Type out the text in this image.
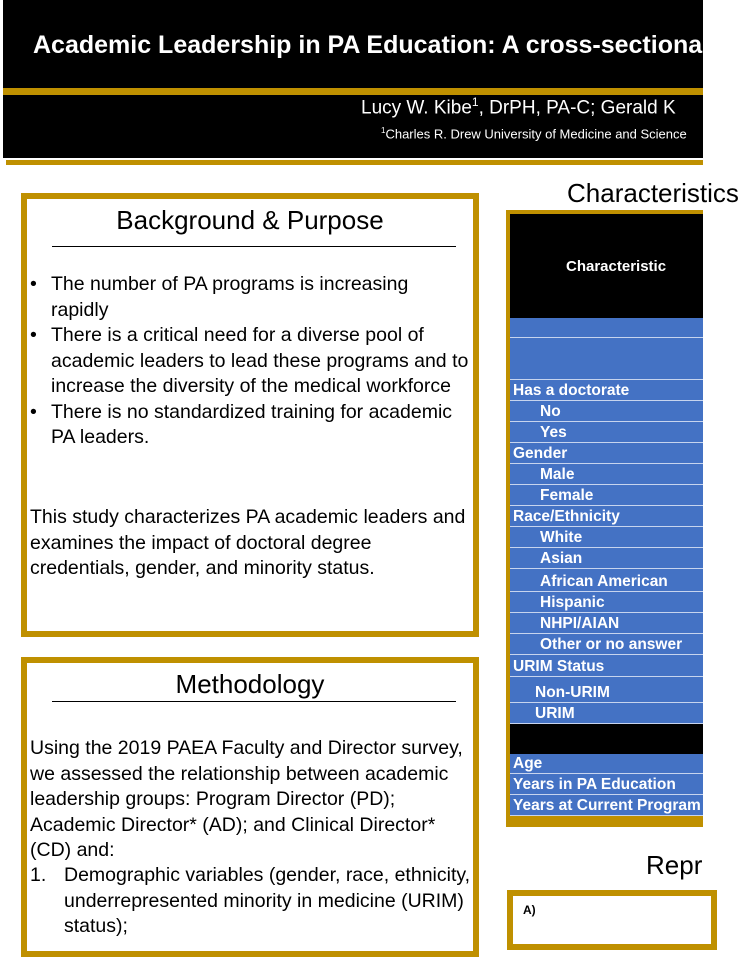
Academic Leadership in PA Education: A cross-sectional
Lucy W. Kibe$^1$, DrPH, PA-C; Gerald K
$^1$Charles R. Drew University of Medicine and Science
Background & Purpose
• The number of PA programs is increasing rapidly
• There is a critical need for a diverse pool of academic leaders to lead these programs and to increase the diversity of the medical workforce
• There is no standardized training for academic PA leaders.
This study characterizes PA academic leaders and examines the impact of doctoral degree credentials, gender, and minority status.
Methodology
Using the 2019 PAEA Faculty and Director survey, we assessed the relationship between academic leadership groups: Program Director (PD); Academic Director* (AD); and Clinical Director* (CD) and:
1. Demographic variables (gender, race, ethnicity, underrepresented minority in medicine (URIM) status);
Characteristics
Characteristic
Has a doctorate
No
Yes
Gender
Male
Female
Race/Ethnicity
White
Asian
African American
Hispanic
NHPI/AIAN
Other or no answer
URIM Status
Non-URIM
URIM
Age
Years in PA Education
Years at Current Program
Repr
A)
